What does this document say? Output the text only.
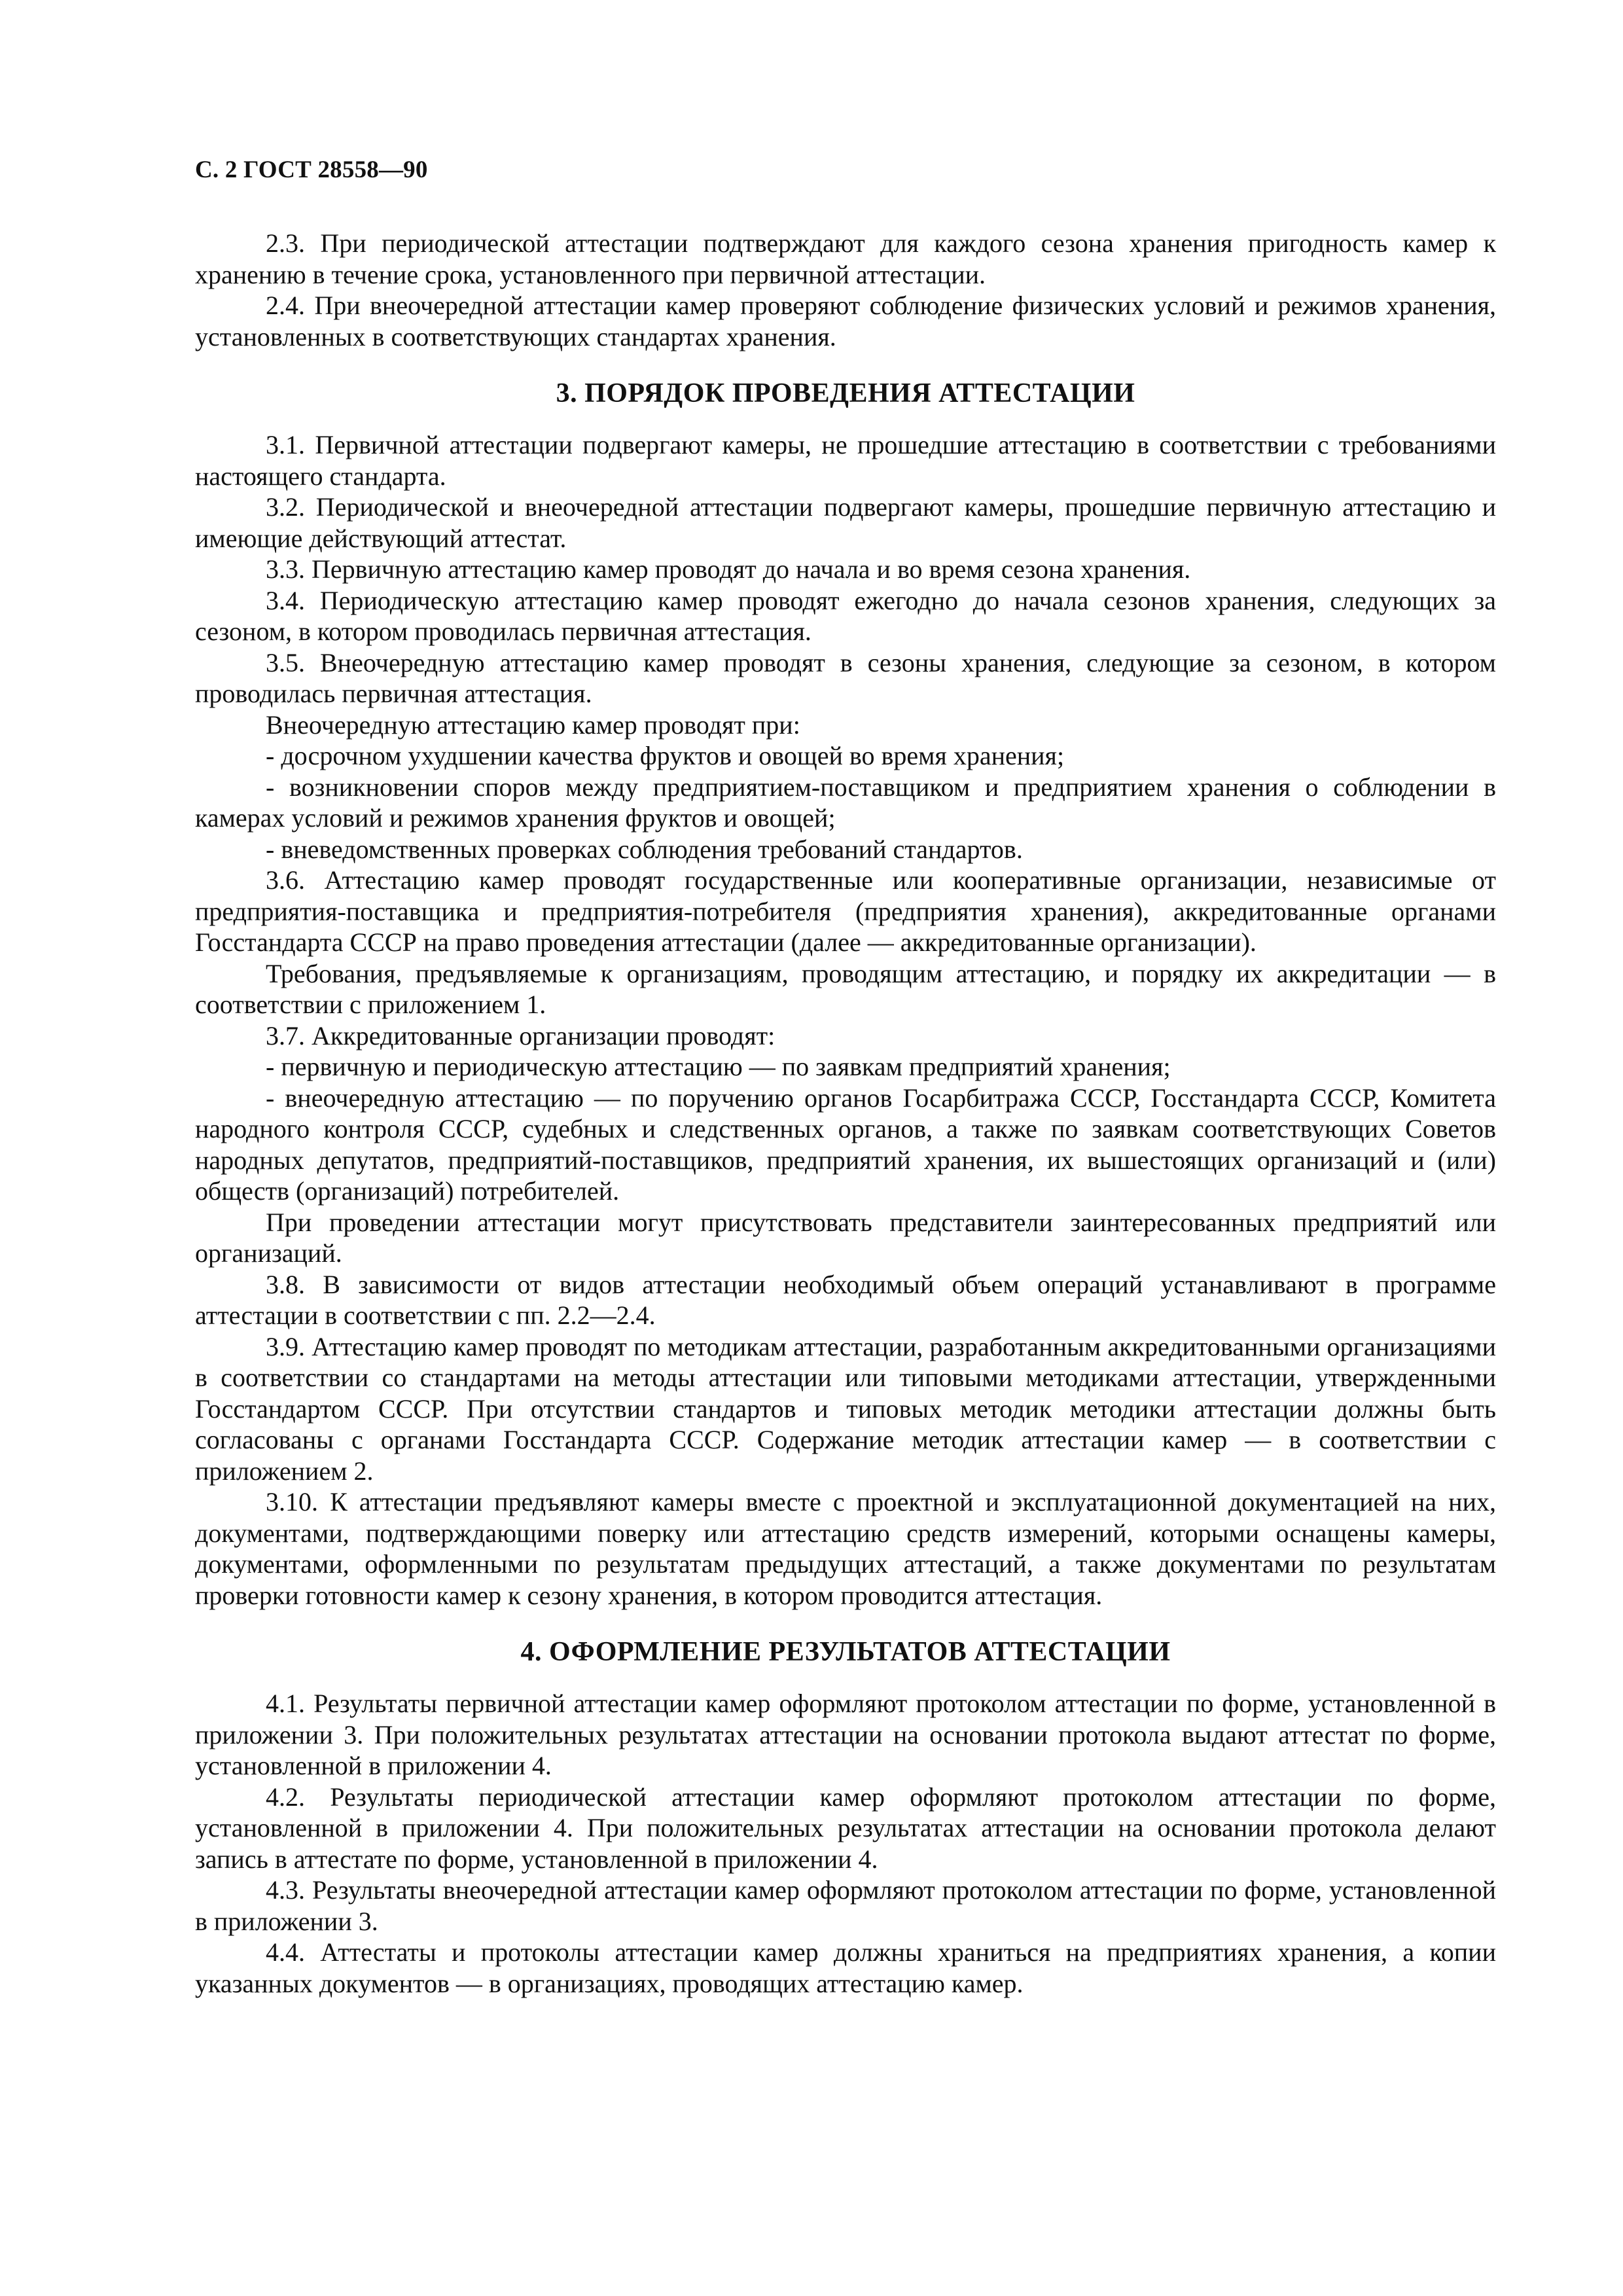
С. 2 ГОСТ 28558—90

2.3. При периодической аттестации подтверждают для каждого сезона хранения пригодность камер к хранению в течение срока, установленного при первичной аттестации.

2.4. При внеочередной аттестации камер проверяют соблюдение физических условий и режимов хранения, установленных в соответствующих стандартах хранения.

3. ПОРЯДОК ПРОВЕДЕНИЯ АТТЕСТАЦИИ

3.1. Первичной аттестации подвергают камеры, не прошедшие аттестацию в соответствии с требованиями настоящего стандарта.

3.2. Периодической и внеочередной аттестации подвергают камеры, прошедшие первичную аттестацию и имеющие действующий аттестат.

3.3. Первичную аттестацию камер проводят до начала и во время сезона хранения.

3.4. Периодическую аттестацию камер проводят ежегодно до начала сезонов хранения, следующих за сезоном, в котором проводилась первичная аттестация.

3.5. Внеочередную аттестацию камер проводят в сезоны хранения, следующие за сезоном, в котором проводилась первичная аттестация.

Внеочередную аттестацию камер проводят при:

- досрочном ухудшении качества фруктов и овощей во время хранения;

- возникновении споров между предприятием-поставщиком и предприятием хранения о соблюдении в камерах условий и режимов хранения фруктов и овощей;

- вневедомственных проверках соблюдения требований стандартов.

3.6. Аттестацию камер проводят государственные или кооперативные организации, независимые от предприятия-поставщика и предприятия-потребителя (предприятия хранения), аккредитованные органами Госстандарта СССР на право проведения аттестации (далее — аккредитованные организации).

Требования, предъявляемые к организациям, проводящим аттестацию, и порядку их аккредитации — в соответствии с приложением 1.

3.7. Аккредитованные организации проводят:

- первичную и периодическую аттестацию — по заявкам предприятий хранения;

- внеочередную аттестацию — по поручению органов Госарбитража СССР, Госстандарта СССР, Комитета народного контроля СССР, судебных и следственных органов, а также по заявкам соответствующих Советов народных депутатов, предприятий-поставщиков, предприятий хранения, их вышестоящих организаций и (или) обществ (организаций) потребителей.

При проведении аттестации могут присутствовать представители заинтересованных предприятий или организаций.

3.8. В зависимости от видов аттестации необходимый объем операций устанавливают в программе аттестации в соответствии с пп. 2.2—2.4.

3.9. Аттестацию камер проводят по методикам аттестации, разработанным аккредитованными организациями в соответствии со стандартами на методы аттестации или типовыми методиками аттестации, утвержденными Госстандартом СССР. При отсутствии стандартов и типовых методик методики аттестации должны быть согласованы с органами Госстандарта СССР. Содержание методик аттестации камер — в соответствии с приложением 2.

3.10. К аттестации предъявляют камеры вместе с проектной и эксплуатационной документацией на них, документами, подтверждающими поверку или аттестацию средств измерений, которыми оснащены камеры, документами, оформленными по результатам предыдущих аттестаций, а также документами по результатам проверки готовности камер к сезону хранения, в котором проводится аттестация.

4. ОФОРМЛЕНИЕ РЕЗУЛЬТАТОВ АТТЕСТАЦИИ

4.1. Результаты первичной аттестации камер оформляют протоколом аттестации по форме, установленной в приложении 3. При положительных результатах аттестации на основании протокола выдают аттестат по форме, установленной в приложении 4.

4.2. Результаты периодической аттестации камер оформляют протоколом аттестации по форме, установленной в приложении 4. При положительных результатах аттестации на основании протокола делают запись в аттестате по форме, установленной в приложении 4.

4.3. Результаты внеочередной аттестации камер оформляют протоколом аттестации по форме, установленной в приложении 3.

4.4. Аттестаты и протоколы аттестации камер должны храниться на предприятиях хранения, а копии указанных документов — в организациях, проводящих аттестацию камер.
